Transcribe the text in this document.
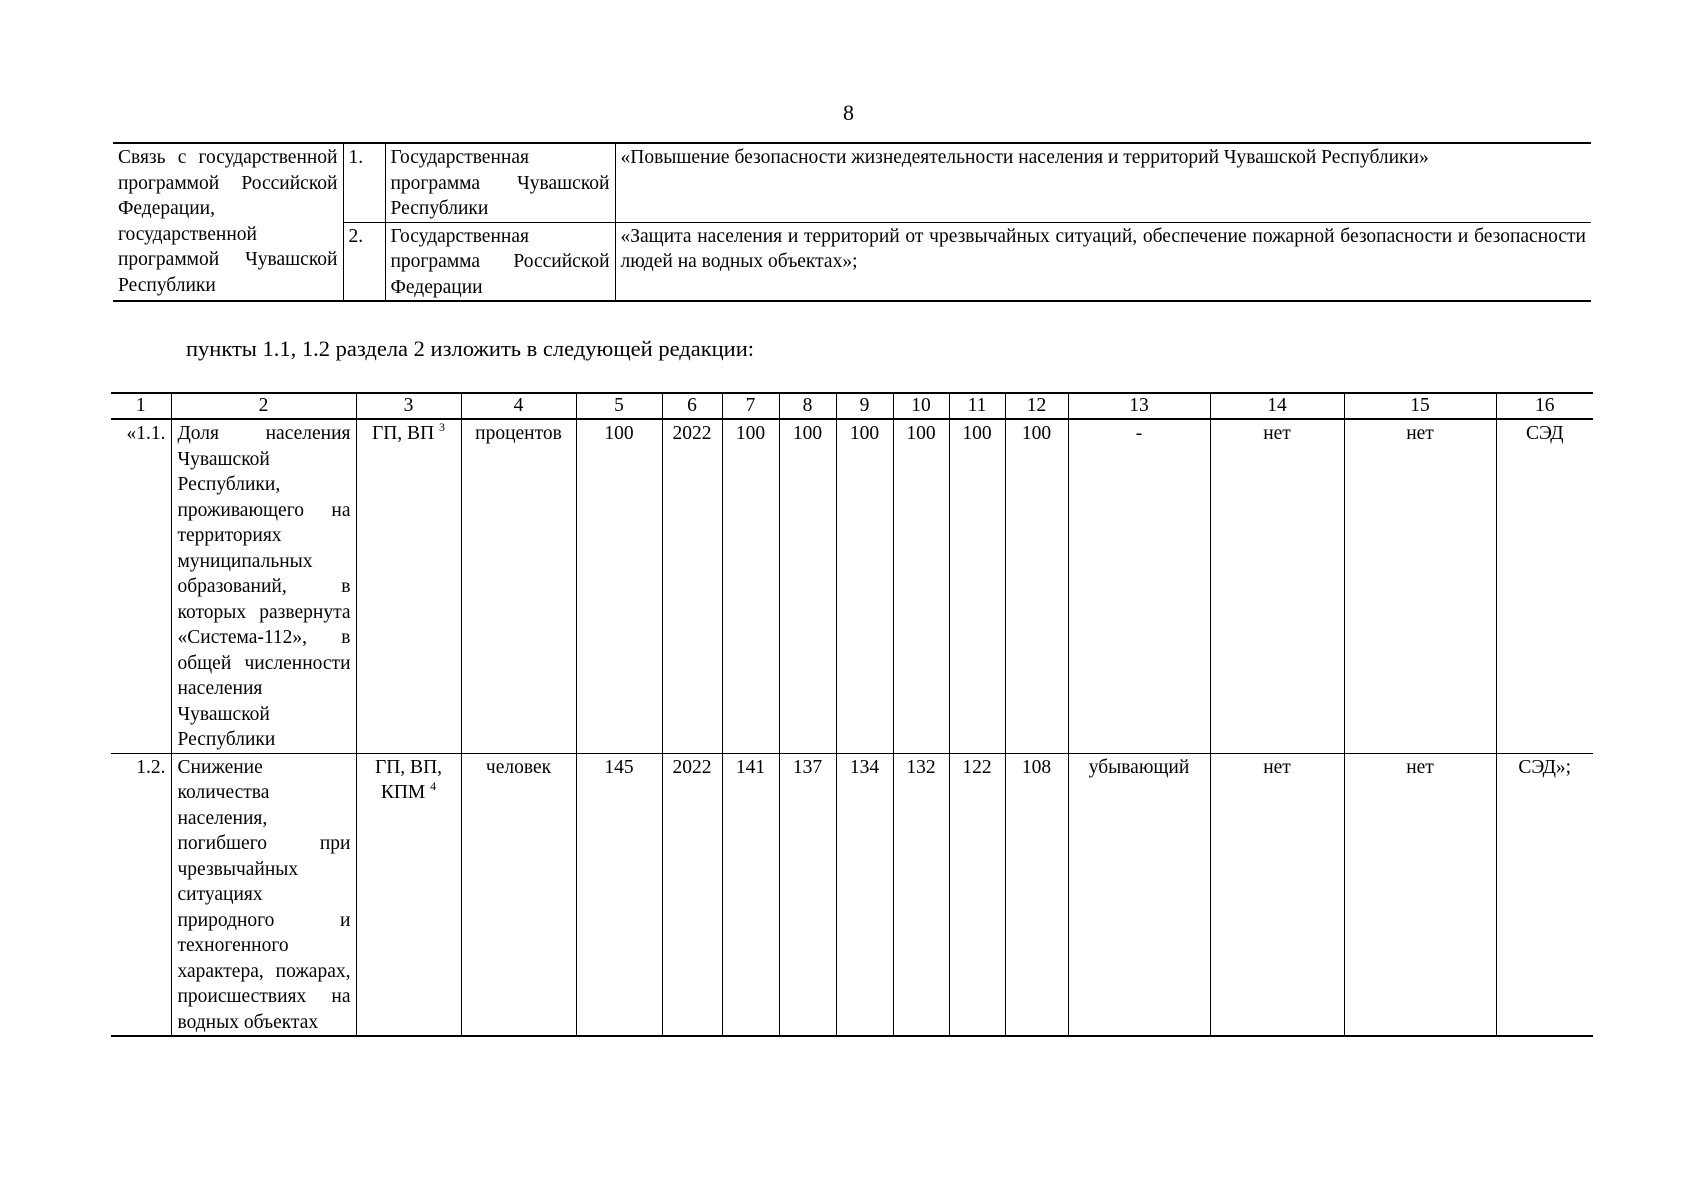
8
Связь с государственной программой Российской Федерации, государственной программой Чувашской Республики	1.	Государственная программа Чувашской Республики	«Повышение безопасности жизнедеятельности населения и территорий Чувашской Республики»
	2.	Государственная программа Российской Федерации	«Защита населения и территорий от чрезвычайных ситуаций, обеспечение пожарной безопасности и безопасности людей на водных объектах»;
пункты 1.1, 1.2 раздела 2 изложить в следующей редакции:
1	2	3	4	5	6	7	8	9	10	11	12	13	14	15	16
«1.1.	Доля населения Чувашской Республики, проживающего на территориях муниципальных образований, в которых развернута «Система-112», в общей численности населения Чувашской Республики	ГП, ВП $^3$	процентов	100	2022	100	100	100	100	100	100	-	нет	нет	СЭД
1.2.	Снижение количества населения, погибшего при чрезвычайных ситуациях природного и техногенного характера, пожарах, происшествиях на водных объектах	ГП, ВП, КПМ $^4$	человек	145	2022	141	137	134	132	122	108	убывающий	нет	нет	СЭД»;
